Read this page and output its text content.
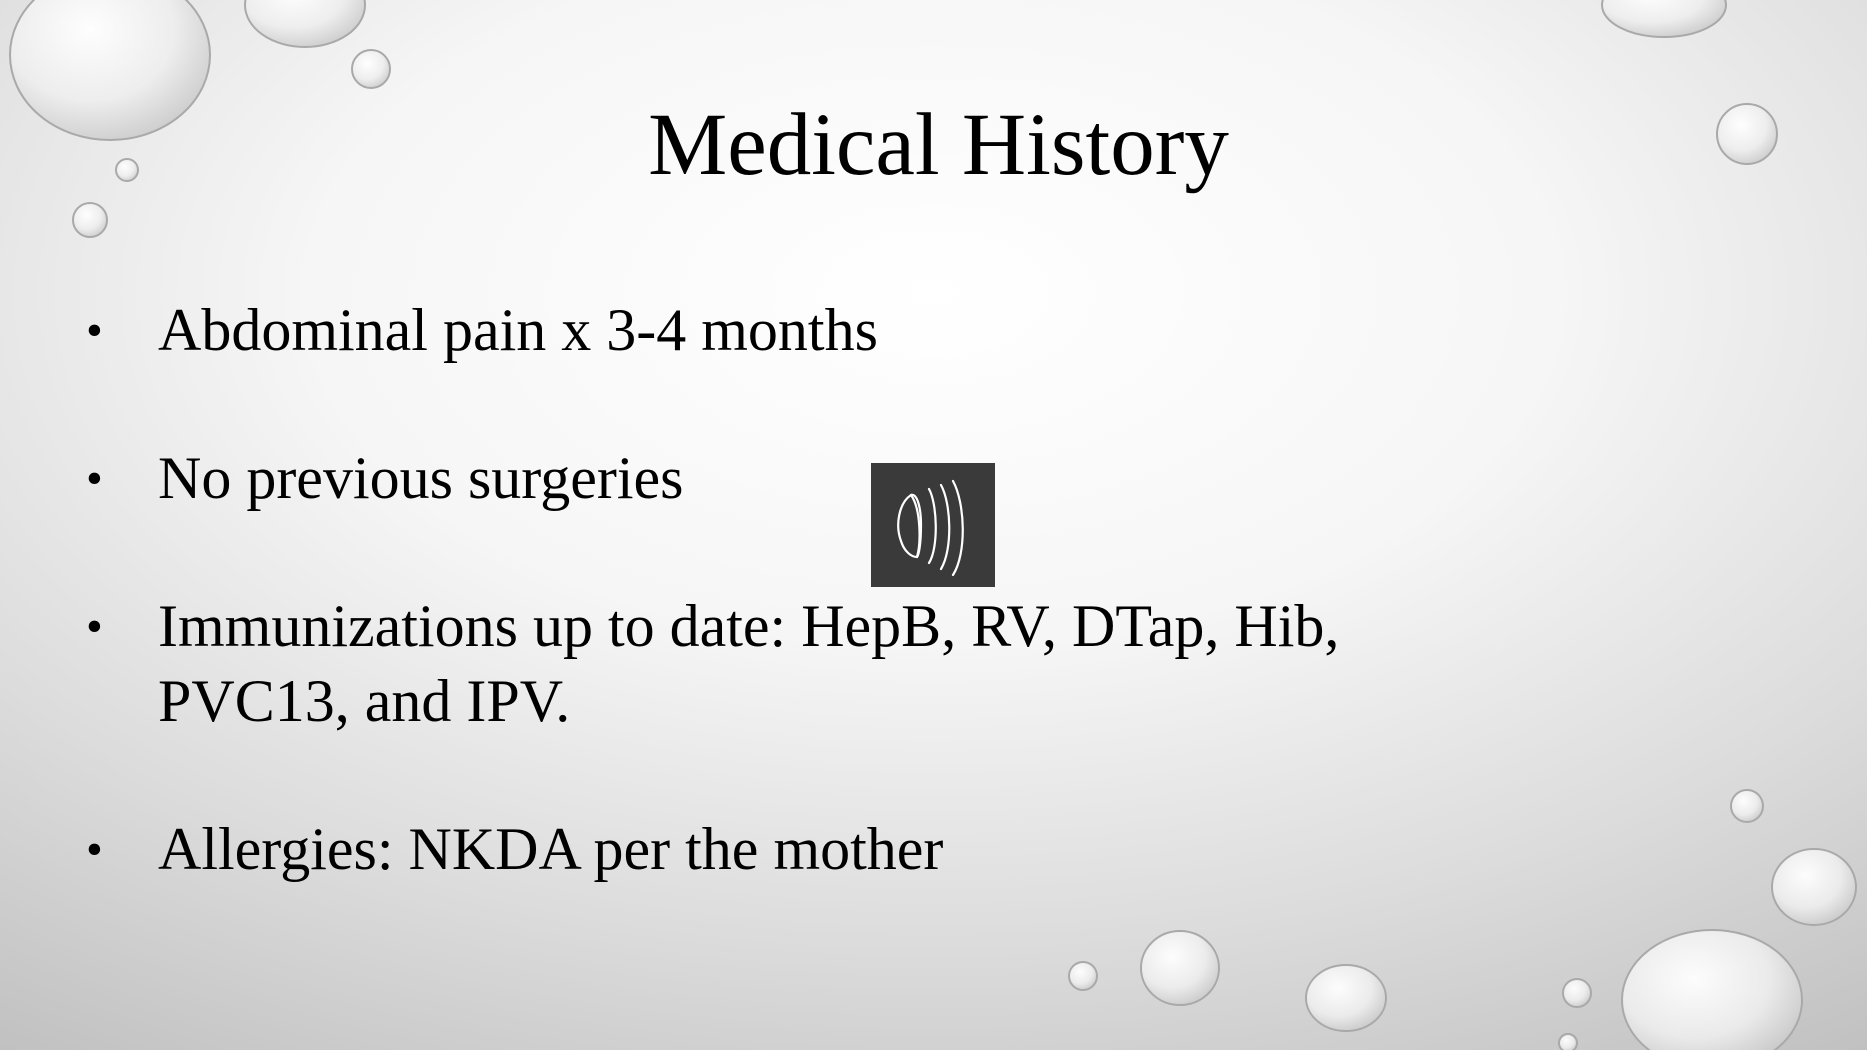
Medical History
• Abdominal pain x 3-4 months
• No previous surgeries
• Immunizations up to date: HepB, RV, DTap, Hib, PVC13, and IPV.
• Allergies: NKDA per the mother
